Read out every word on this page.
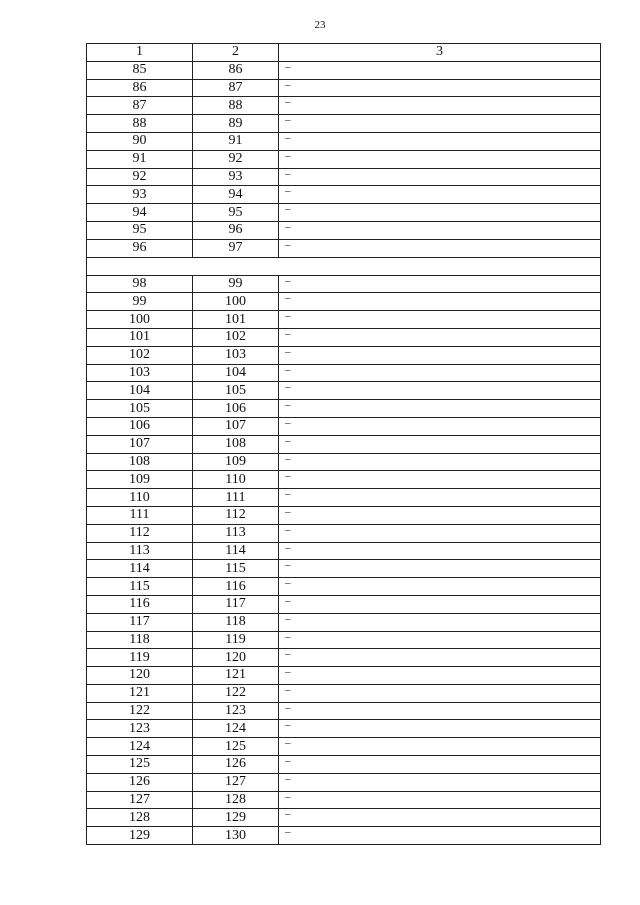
23
1	2	3
85	86	–
86	87	–
87	88	–
88	89	–
90	91	–
91	92	–
92	93	–
93	94	–
94	95	–
95	96	–
96	97	–

98	99	–
99	100	–
100	101	–
101	102	–
102	103	–
103	104	–
104	105	–
105	106	–
106	107	–
107	108	–
108	109	–
109	110	–
110	111	–
111	112	–
112	113	–
113	114	–
114	115	–
115	116	–
116	117	–
117	118	–
118	119	–
119	120	–
120	121	–
121	122	–
122	123	–
123	124	–
124	125	–
125	126	–
126	127	–
127	128	–
128	129	–
129	130	–
